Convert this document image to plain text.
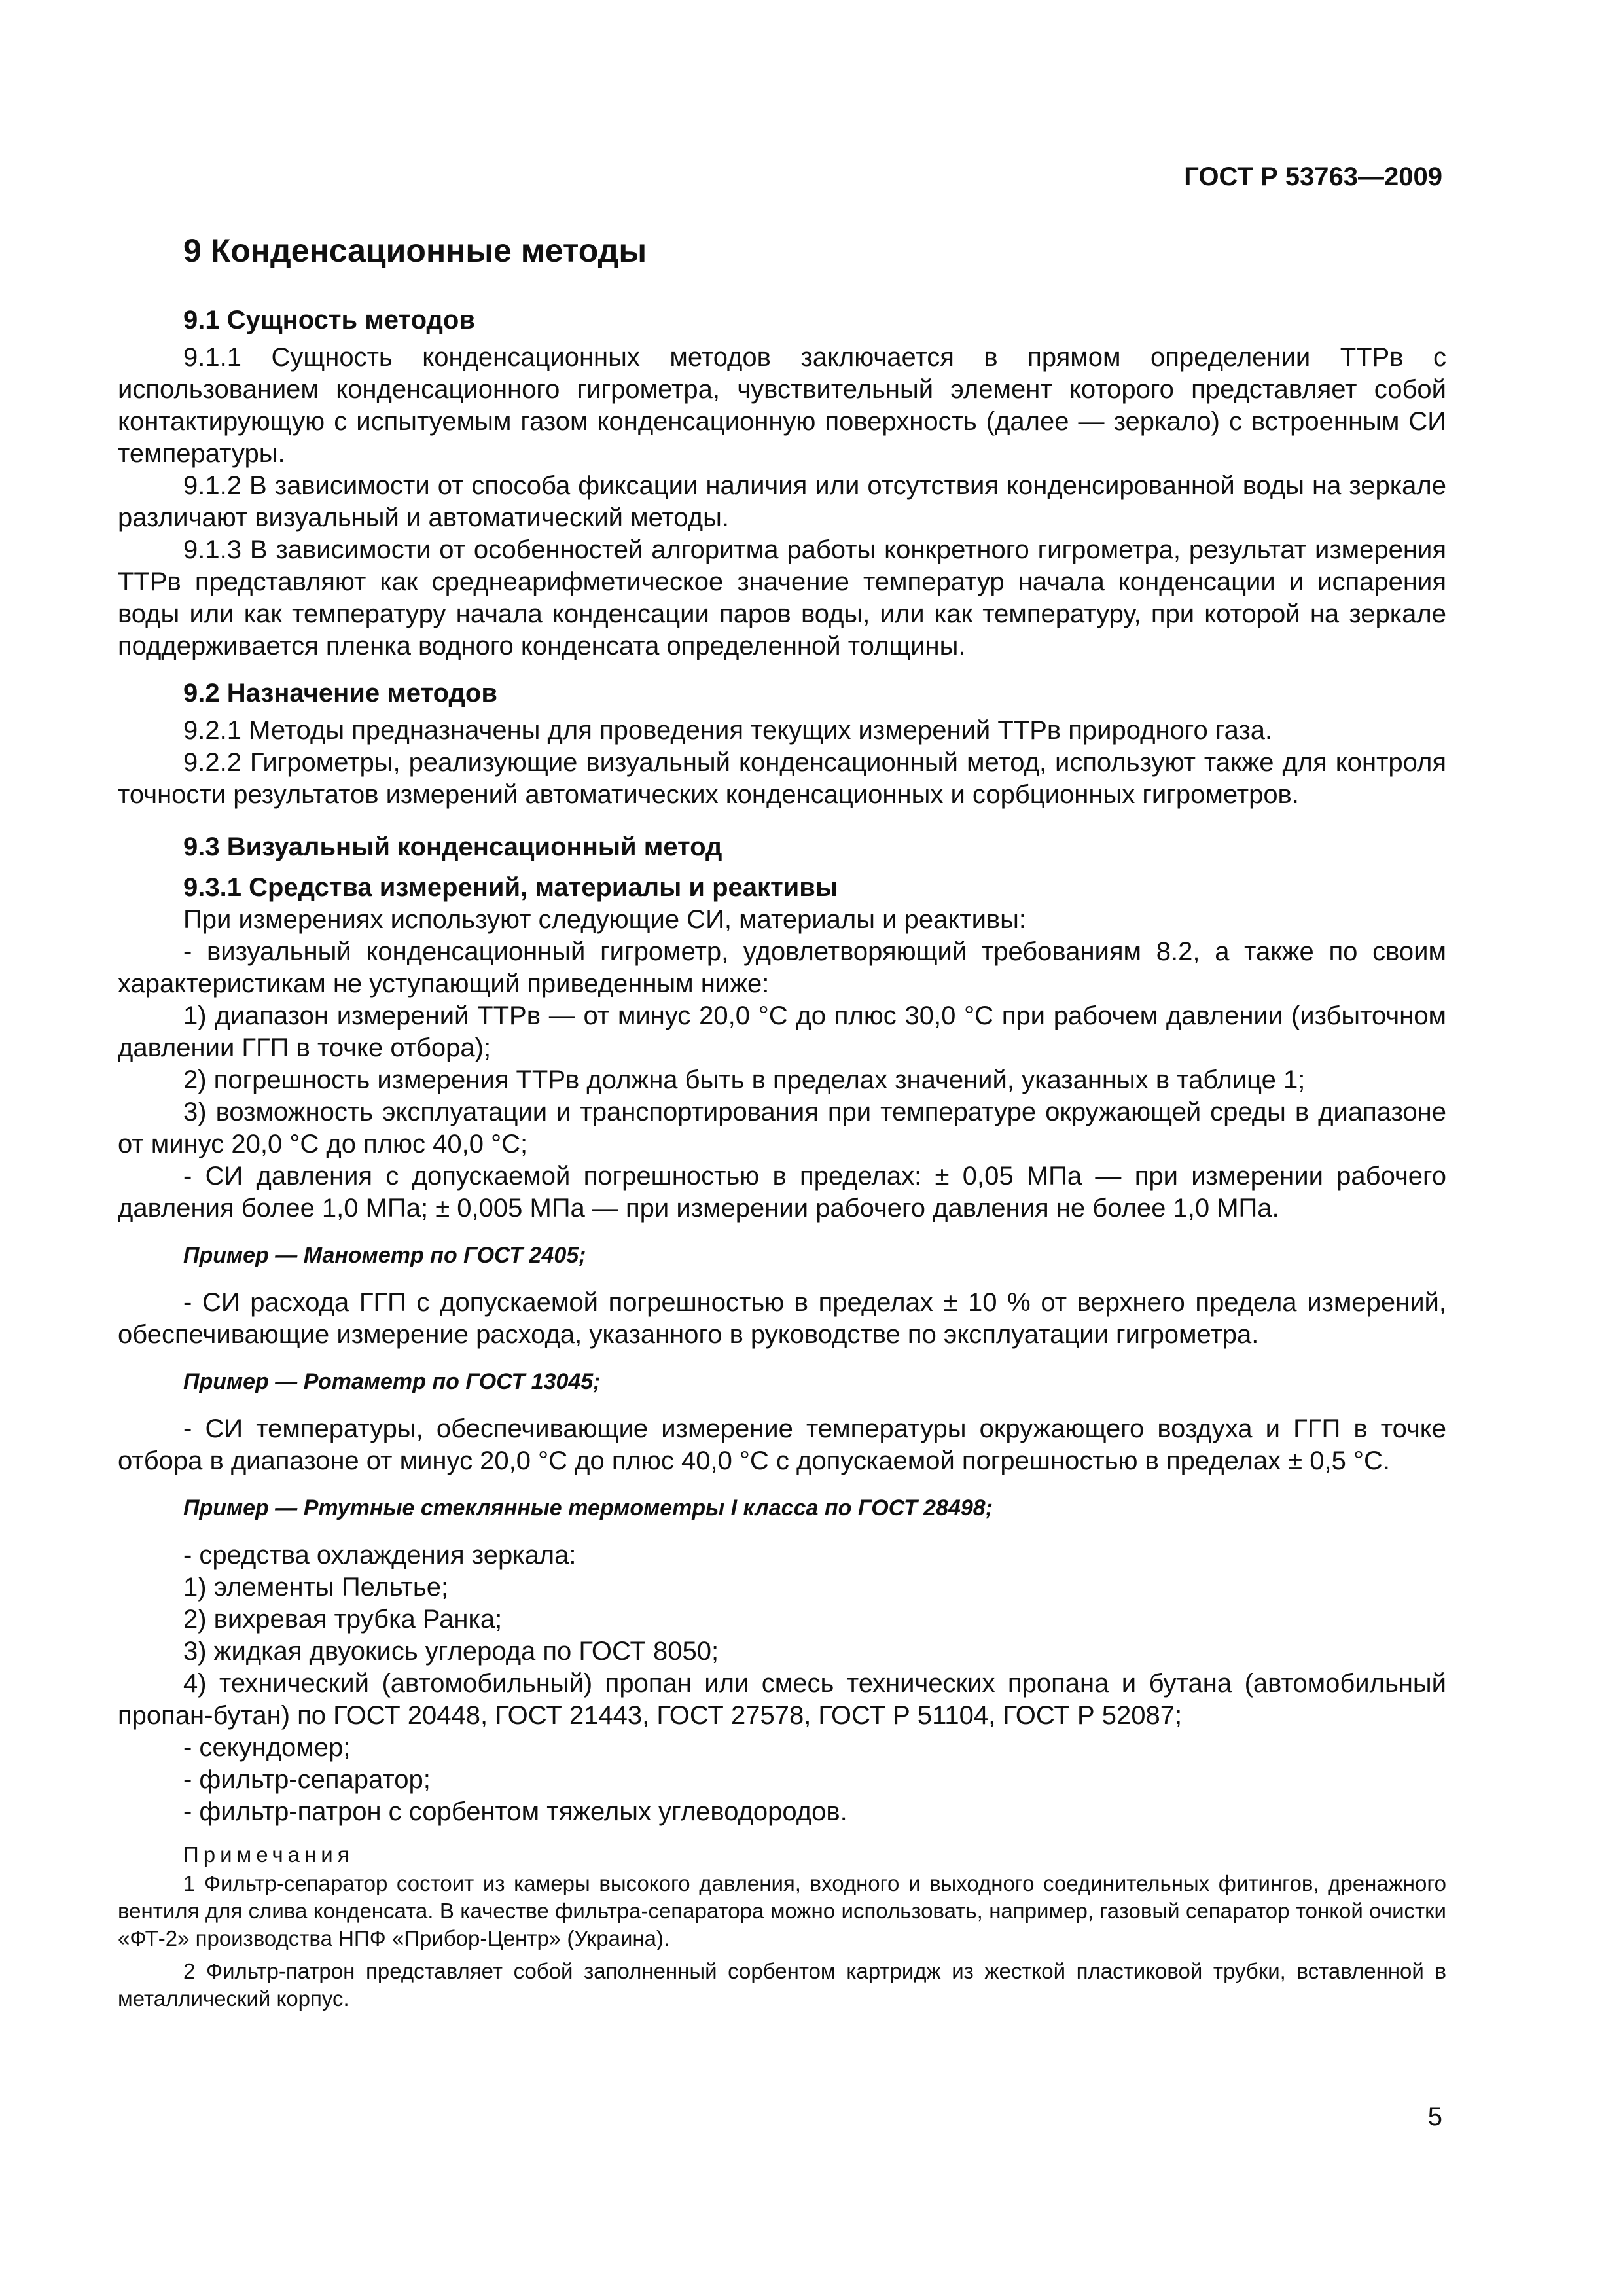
ГОСТ Р 53763—2009
9 Конденсационные методы
9.1 Сущность методов

9.1.1 Сущность конденсационных методов заключается в прямом определении ТТРв с использованием конденсационного гигрометра, чувствительный элемент которого представляет собой контактирующую с испытуемым газом конденсационную поверхность (далее — зеркало) с встроенным СИ температуры.

9.1.2 В зависимости от способа фиксации наличия или отсутствия конденсированной воды на зеркале различают визуальный и автоматический методы.

9.1.3 В зависимости от особенностей алгоритма работы конкретного гигрометра, результат измерения ТТРв представляют как среднеарифметическое значение температур начала конденсации и испарения воды или как температуру начала конденсации паров воды, или как температуру, при которой на зеркале поддерживается пленка водного конденсата определенной толщины.

9.2 Назначение методов

9.2.1 Методы предназначены для проведения текущих измерений ТТРв природного газа.

9.2.2 Гигрометры, реализующие визуальный конденсационный метод, используют также для контроля точности результатов измерений автоматических конденсационных и сорбционных гигрометров.

9.3 Визуальный конденсационный метод
9.3.1 Средства измерений, материалы и реактивы

При измерениях используют следующие СИ, материалы и реактивы:

- визуальный конденсационный гигрометр, удовлетворяющий требованиям 8.2, а также по своим характеристикам не уступающий приведенным ниже:

1) диапазон измерений ТТРв — от минус 20,0 °С до плюс 30,0 °С при рабочем давлении (избыточном давлении ГГП в точке отбора);

2) погрешность измерения ТТРв должна быть в пределах значений, указанных в таблице 1;

3) возможность эксплуатации и транспортирования при температуре окружающей среды в диапазоне от минус 20,0 °С до плюс 40,0 °С;

- СИ давления с допускаемой погрешностью в пределах: ± 0,05 МПа — при измерении рабочего давления более 1,0 МПа; ± 0,005 МПа — при измерении рабочего давления не более 1,0 МПа.

Пример — Манометр по ГОСТ 2405;

- СИ расхода ГГП с допускаемой погрешностью в пределах ± 10 % от верхнего предела измерений, обеспечивающие измерение расхода, указанного в руководстве по эксплуатации гигрометра.

Пример — Ротаметр по ГОСТ 13045;

- СИ температуры, обеспечивающие измерение температуры окружающего воздуха и ГГП в точке отбора в диапазоне от минус 20,0 °С до плюс 40,0 °С с допускаемой погрешностью в пределах ± 0,5 °С.

Пример — Ртутные стеклянные термометры I класса по ГОСТ 28498;

- средства охлаждения зеркала:

1) элементы Пельтье;

2) вихревая трубка Ранка;

3) жидкая двуокись углерода по ГОСТ 8050;

4) технический (автомобильный) пропан или смесь технических пропана и бутана (автомобильный пропан-бутан) по ГОСТ 20448, ГОСТ 21443, ГОСТ 27578, ГОСТ Р 51104, ГОСТ Р 52087;

- секундомер;

- фильтр-сепаратор;

- фильтр-патрон с сорбентом тяжелых углеводородов.

Примечания

1 Фильтр-сепаратор состоит из камеры высокого давления, входного и выходного соединительных фитингов, дренажного вентиля для слива конденсата. В качестве фильтра-сепаратора можно использовать, например, газовый сепаратор тонкой очистки «ФТ-2» производства НПФ «Прибор-Центр» (Украина).

2 Фильтр-патрон представляет собой заполненный сорбентом картридж из жесткой пластиковой трубки, вставленной в металлический корпус.

5
